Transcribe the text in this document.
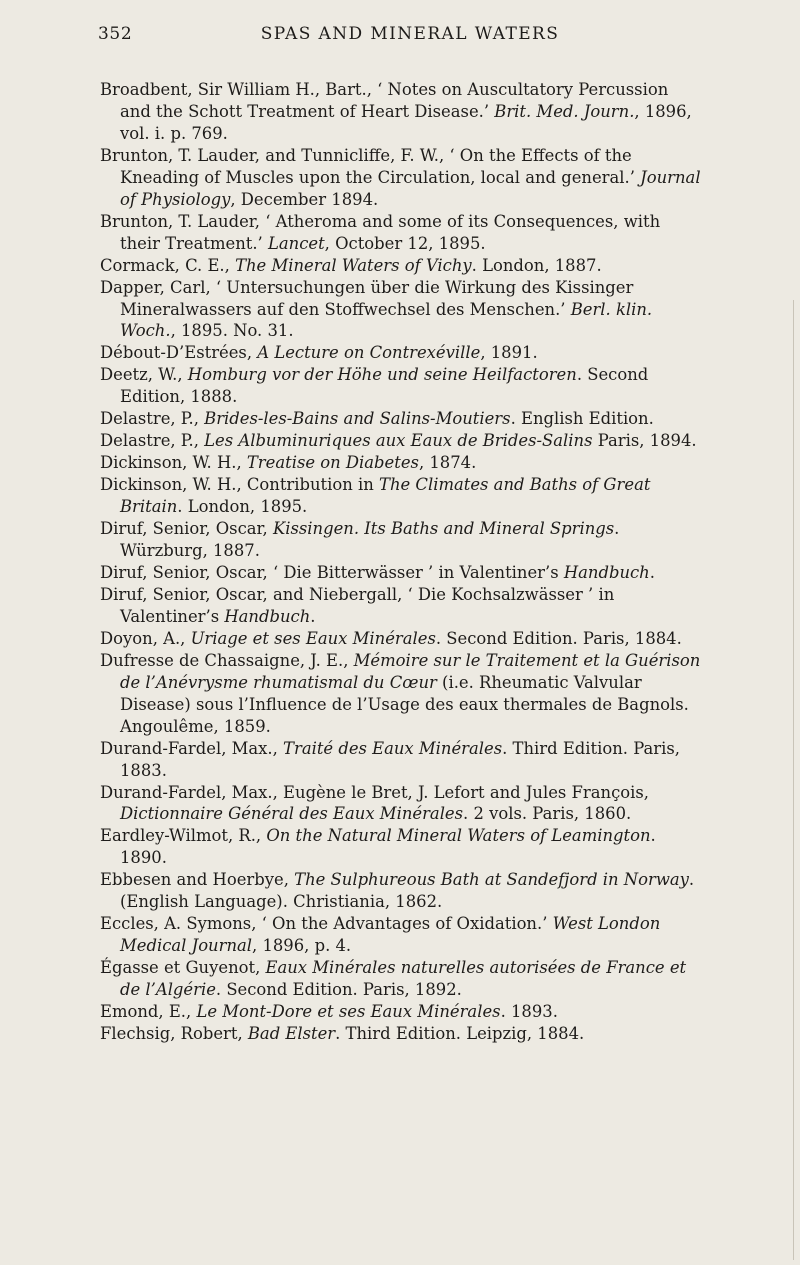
352	SPAS AND MINERAL WATERS
Broadbent, Sir William H., Bart., ‘ Notes on Auscultatory Percussion and the Schott Treatment of Heart Disease.’ Brit. Med. Journ., 1896, vol. i. p. 769.
Brunton, T. Lauder, and Tunnicliffe, F. W., ‘ On the Effects of the Kneading of Muscles upon the Circulation, local and general.’ Journal of Physiology, December 1894.
Brunton, T. Lauder, ‘ Atheroma and some of its Consequences, with their Treatment.’ Lancet, October 12, 1895.
Cormack, C. E., The Mineral Waters of Vichy. London, 1887.
Dapper, Carl, ‘ Untersuchungen über die Wirkung des Kissinger Mineralwassers auf den Stoffwechsel des Menschen.’ Berl. klin. Woch., 1895. No. 31.
Débout-D’Estrées, A Lecture on Contrexéville, 1891.
Deetz, W., Homburg vor der Höhe und seine Heilfactoren. Second Edition, 1888.
Delastre, P., Brides-les-Bains and Salins-Moutiers. English Edition.
Delastre, P., Les Albuminuriques aux Eaux de Brides-Salins Paris, 1894.
Dickinson, W. H., Treatise on Diabetes, 1874.
Dickinson, W. H., Contribution in The Climates and Baths of Great Britain. London, 1895.
Diruf, Senior, Oscar, Kissingen. Its Baths and Mineral Springs. Würzburg, 1887.
Diruf, Senior, Oscar, ‘ Die Bitterwässer ’ in Valentiner’s Handbuch.
Diruf, Senior, Oscar, and Niebergall, ‘ Die Kochsalzwässer ’ in Valentiner’s Handbuch.
Doyon, A., Uriage et ses Eaux Minérales. Second Edition. Paris, 1884.
Dufresse de Chassaigne, J. E., Mémoire sur le Traitement et la Guérison de l’Anévrysme rhumatismal du Cœur (i.e. Rheumatic Valvular Disease) sous l’Influence de l’Usage des eaux thermales de Bagnols. Angoulême, 1859.
Durand-Fardel, Max., Traité des Eaux Minérales. Third Edition. Paris, 1883.
Durand-Fardel, Max., Eugène le Bret, J. Lefort and Jules François, Dictionnaire Général des Eaux Minérales. 2 vols. Paris, 1860.
Eardley-Wilmot, R., On the Natural Mineral Waters of Leamington. 1890.
Ebbesen and Hoerbye, The Sulphureous Bath at Sandefjord in Norway. (English Language). Christiania, 1862.
Eccles, A. Symons, ‘ On the Advantages of Oxidation.’ West London Medical Journal, 1896, p. 4.
Égasse et Guyenot, Eaux Minérales naturelles autorisées de France et de l’Algérie. Second Edition. Paris, 1892.
Emond, E., Le Mont-Dore et ses Eaux Minérales. 1893.
Flechsig, Robert, Bad Elster. Third Edition. Leipzig, 1884.
